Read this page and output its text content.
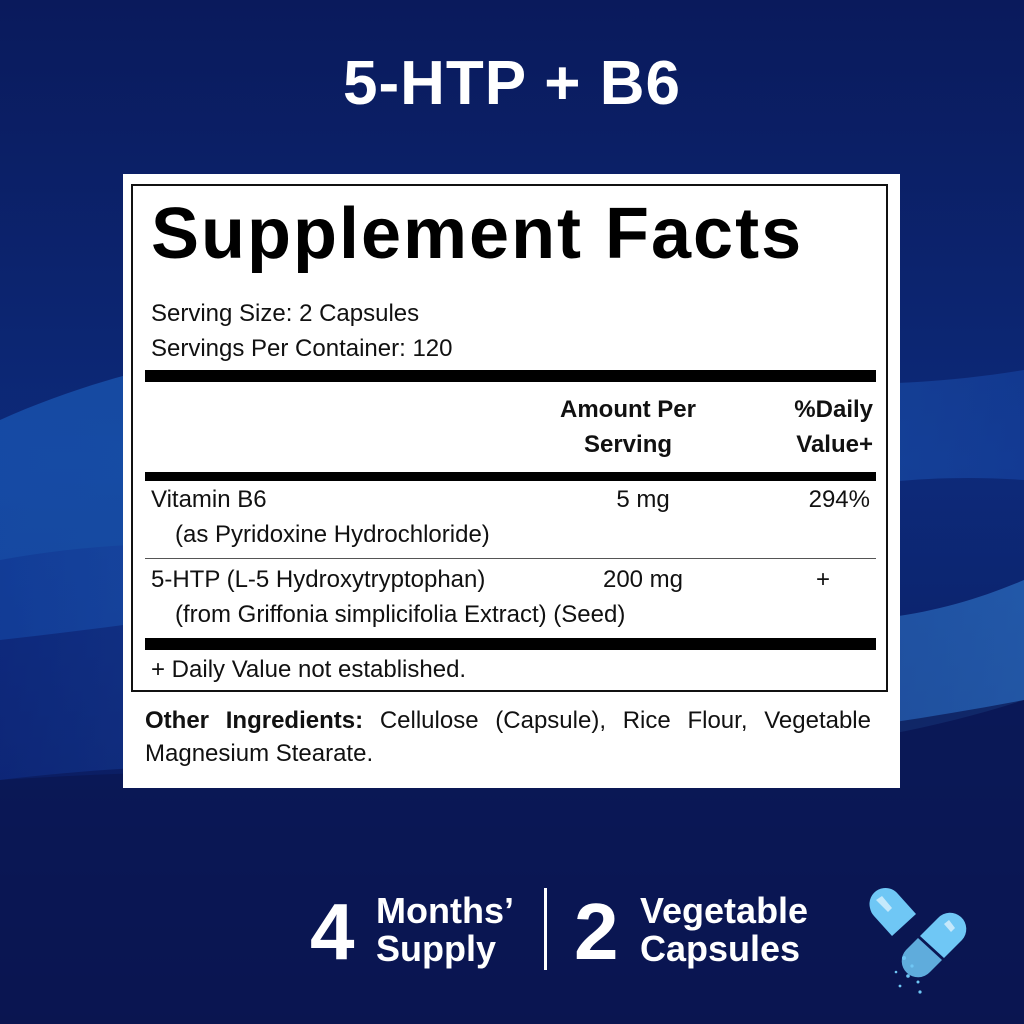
5-HTP + B6
Supplement Facts
Serving Size: 2 Capsules
Servings Per Container: 120
Amount Per
Serving
%Daily
Value+
Vitamin B6
(as Pyridoxine Hydrochloride)
5 mg	294%
5-HTP (L-5 Hydroxytryptophan)
(from Griffonia simplicifolia Extract) (Seed)
200 mg	+
+ Daily Value not established.
Other Ingredients: Cellulose (Capsule), Rice Flour, Vegetable Magnesium Stearate.
4 Months’
Supply 2 Vegetable
Capsules
